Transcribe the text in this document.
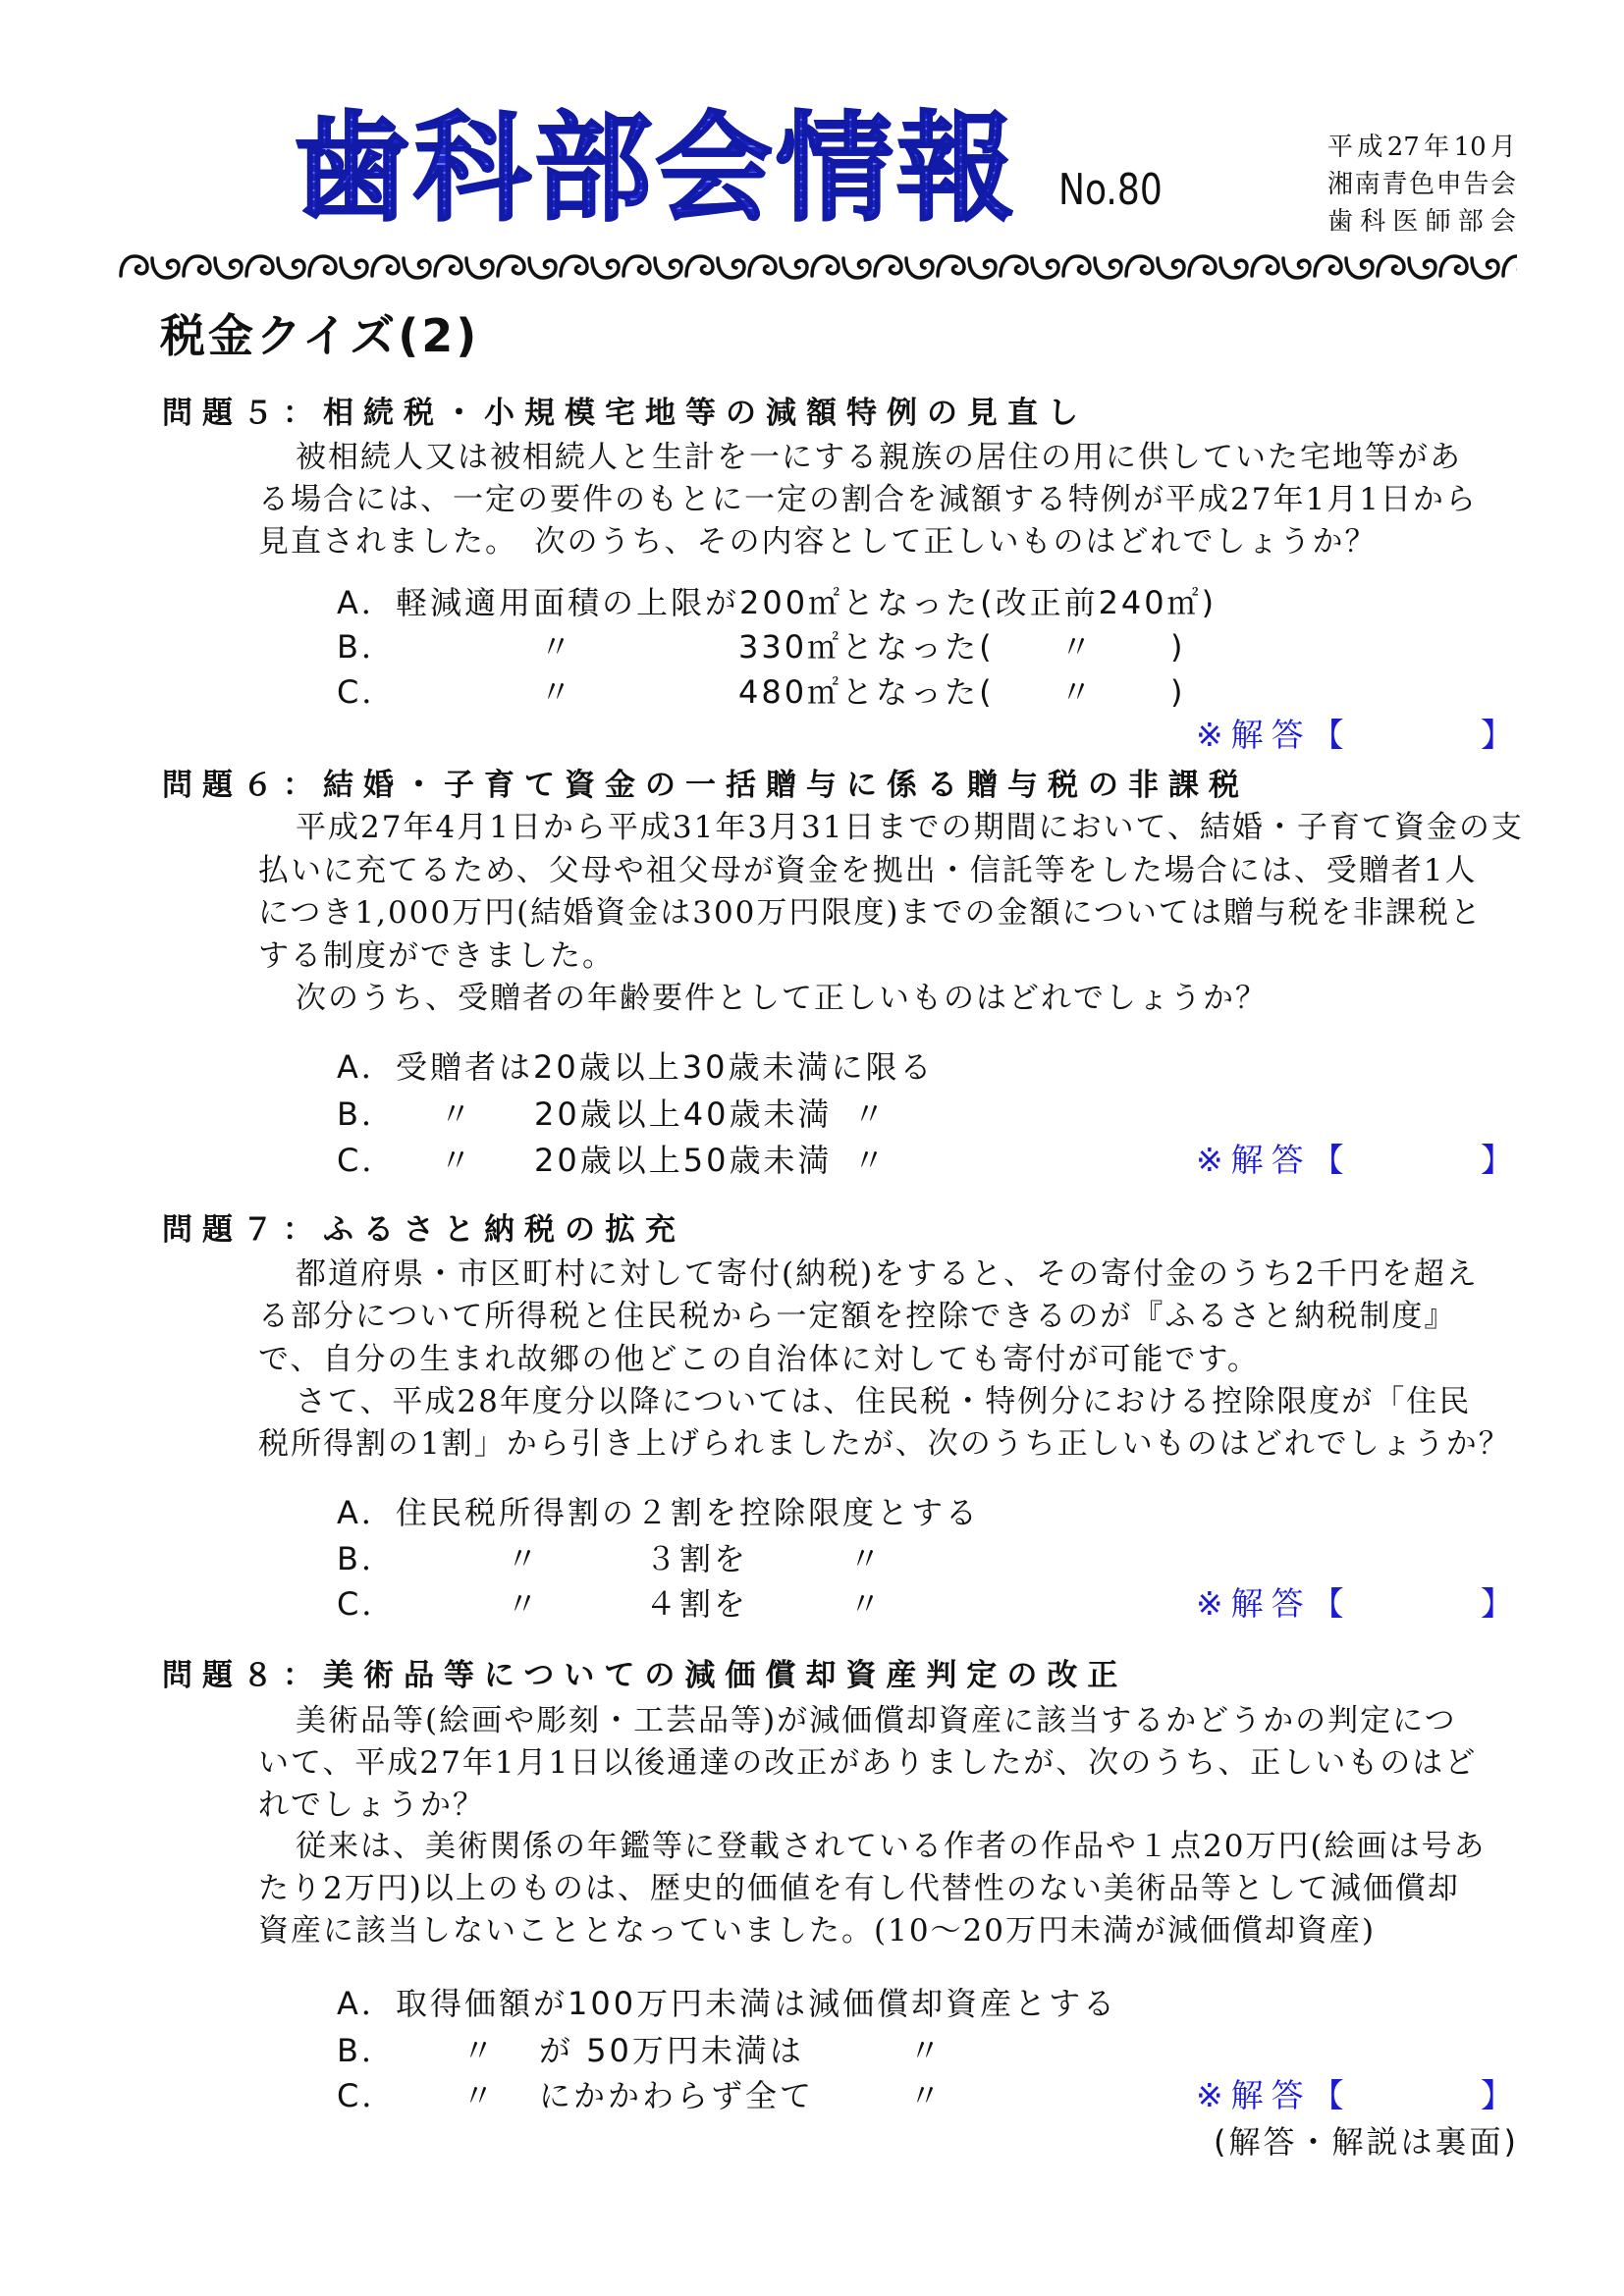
歯科部会情報 No.80
平成27年10月
湘南青色申告会
歯科医師部会
税金クイズ(2)
問題５：相続税・小規模宅地等の減額特例の見直し
被相続人又は被相続人と生計を一にする親族の居住の用に供していた宅地等があ
る場合には、一定の要件のもとに一定の割合を減額する特例が平成27年1月1日から
見直されました。　次のうち、その内容として正しいものはどれでしょうか？
A． 軽減適用面積の上限が200㎡となった(改正前240㎡)
B．	〃	330㎡となった( 〃 )
C．	〃	480㎡となった( 〃 )
※解答【	】
問題６：結婚・子育て資金の一括贈与に係る贈与税の非課税
平成27年4月1日から平成31年3月31日までの期間において、結婚・子育て資金の支
払いに充てるため、父母や祖父母が資金を拠出・信託等をした場合には、受贈者1人
につき1,000万円(結婚資金は300万円限度)までの金額については贈与税を非課税と
する制度ができました。
次のうち、受贈者の年齢要件として正しいものはどれでしょうか？
A． 受贈者は20歳以上30歳未満に限る
B． 〃 20歳以上40歳未満 〃
C． 〃 20歳以上50歳未満 〃	※解答【	】
問題７：ふるさと納税の拡充
都道府県・市区町村に対して寄付(納税)をすると、その寄付金のうち2千円を超え
る部分について所得税と住民税から一定額を控除できるのが『ふるさと納税制度』
で、自分の生まれ故郷の他どこの自治体に対しても寄付が可能です。
さて、平成28年度分以降については、住民税・特例分における控除限度が「住民
税所得割の1割」から引き上げられましたが、次のうち正しいものはどれでしょうか？
A． 住民税所得割の２割を控除限度とする
B．	〃	３割を	〃
C．	〃	４割を	〃	※解答【	】
問題８：美術品等についての減価償却資産判定の改正
美術品等(絵画や彫刻・工芸品等)が減価償却資産に該当するかどうかの判定につ
いて、平成27年1月1日以後通達の改正がありましたが、次のうち、正しいものはど
れでしょうか？
従来は、美術関係の年鑑等に登載されている作者の作品や１点20万円(絵画は号あ
たり2万円)以上のものは、歴史的価値を有し代替性のない美術品等として減価償却
資産に該当しないこととなっていました。(10～20万円未満が減価償却資産)
A． 取得価額が100万円未満は減価償却資産とする
B． 〃 が 50万円未満は	〃
C． 〃 にかかわらず全て	〃	※解答【	】
(解答・解説は裏面)
